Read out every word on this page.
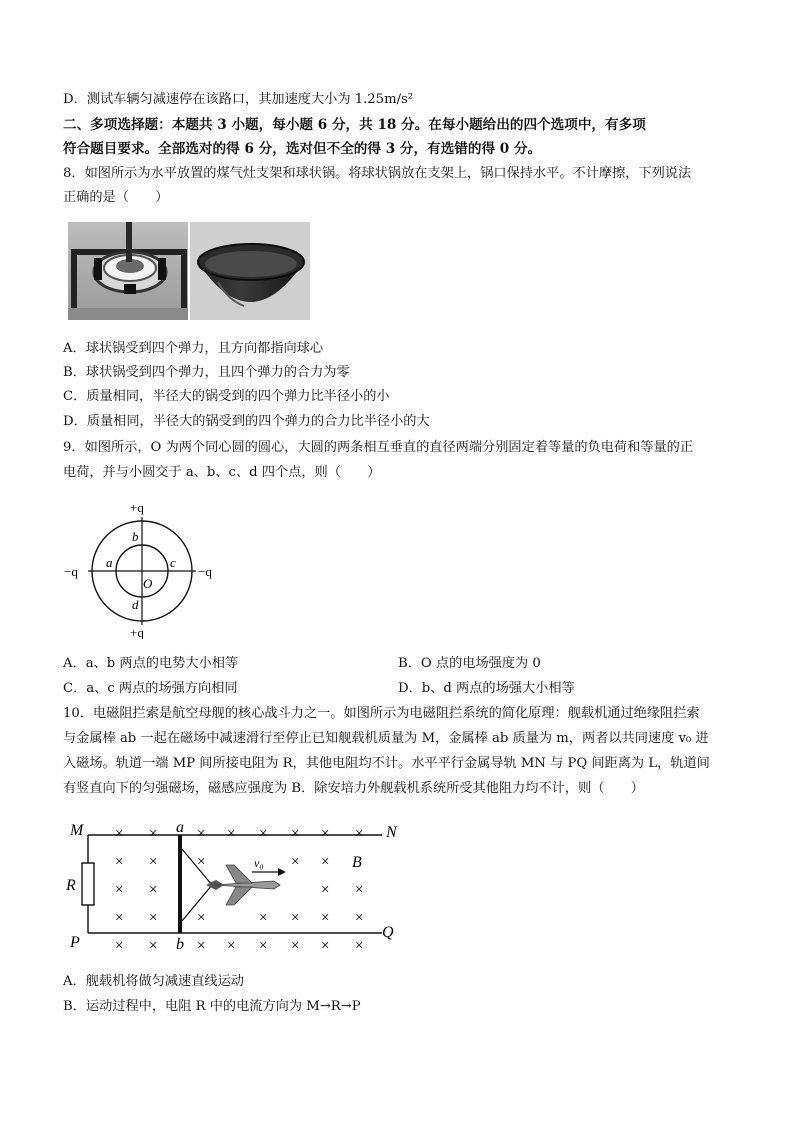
D．测试车辆匀减速停在该路口，其加速度大小为 1.25m/s²
二、多项选择题：本题共 3 小题，每小题 6 分，共 18 分。在每小题给出的四个选项中，有多项
符合题目要求。全部选对的得 6 分，选对但不全的得 3 分，有选错的得 0 分。
8．如图所示为水平放置的煤气灶支架和球状锅。将球状锅放在支架上，锅口保持水平。不计摩擦，下列说法
正确的是（　　）
A．球状锅受到四个弹力，且方向都指向球心
B．球状锅受到四个弹力，且四个弹力的合力为零
C．质量相同，半径大的锅受到的四个弹力比半径小的小
D．质量相同，半径大的锅受到的四个弹力的合力比半径小的大
9．如图所示，O 为两个同心圆的圆心，大圆的两条相互垂直的直径两端分别固定着等量的负电荷和等量的正
电荷，并与小圆交于 a、b、c、d 四个点，则（　　）
+q
+q
−q	−q
b
a	c
d
O
A．a、b 两点的电势大小相等	B．O 点的电场强度为 0
C．a、c 两点的场强方向相同	D．b、d 两点的场强大小相等
10．电磁阻拦索是航空母舰的核心战斗力之一。如图所示为电磁阻拦系统的简化原理：舰载机通过绝缘阻拦索
与金属棒 ab 一起在磁场中减速滑行至停止已知舰载机质量为 M，金属棒 ab 质量为 m，两者以共同速度 v₀ 进
入磁场。轨道一端 MP 间所接电阻为 R，其他电阻均不计。水平平行金属导轨 MN 与 PQ 间距离为 L，轨道间
有竖直向下的匀强磁场，磁感应强度为 B．除安培力外舰载机系统所受其他阻力均不计，则（　　）
v₀
M
P
R
a
b
N
Q
B
× ×	× × × × × ×
× ×	×	× ×
× ×	× ×
× ×	×	× × × ×
× ×	× × × × × ×
A．舰载机将做匀减速直线运动
B．运动过程中，电阻 R 中的电流方向为 M→R→P
